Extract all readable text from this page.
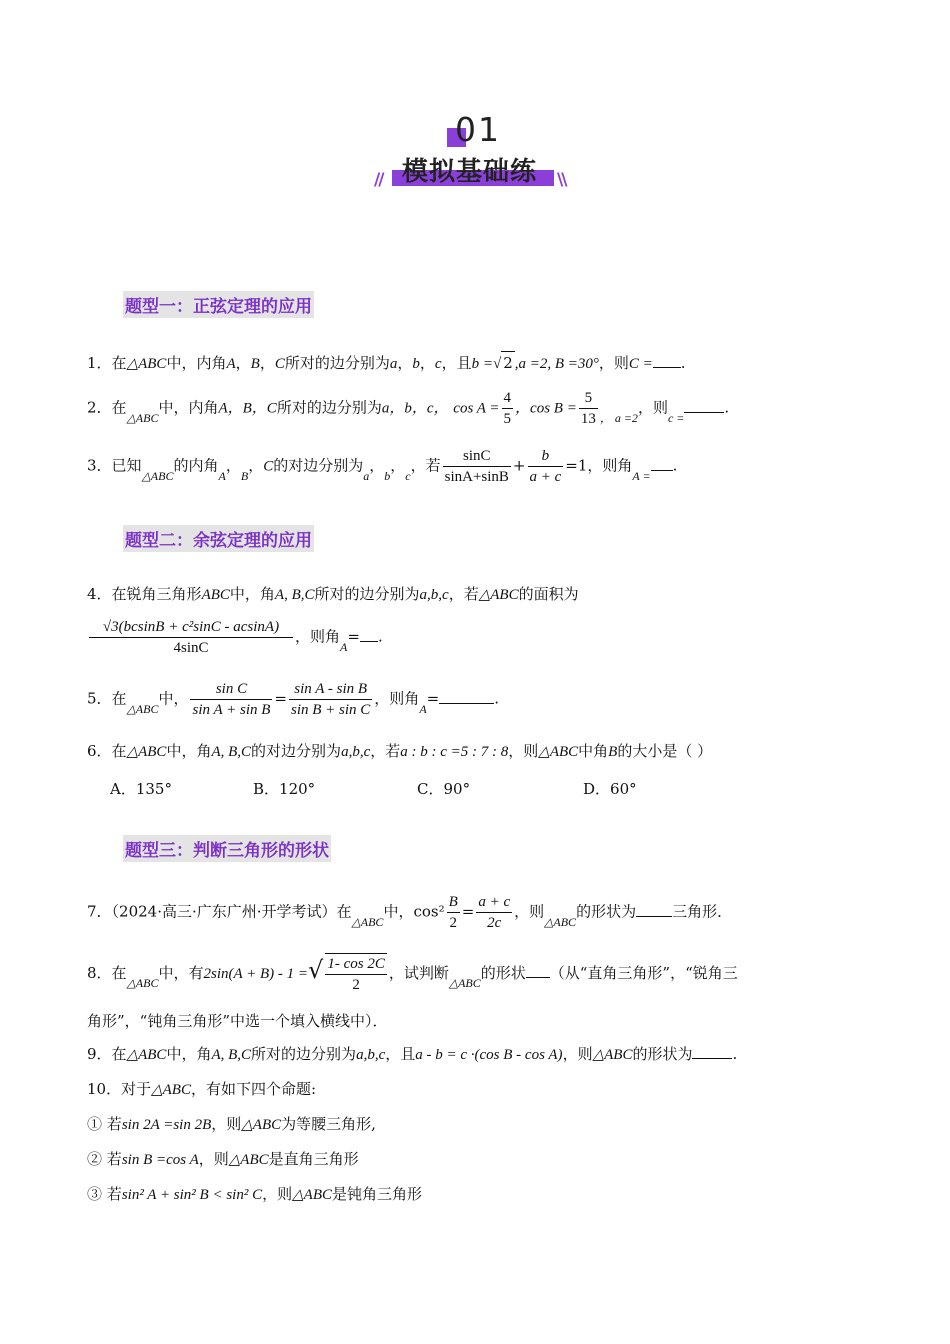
01
模拟基础练
//	\\
题型一：正弦定理的应用
1．在△ABC中，内角A，B，C所对的边分别为a，b，c，且b =√ 2 ,a =2, B =30°，则C = .
2．在$_{\triangle ABC}$中，内角A，B，C所对的边分别为a，b，c， $\cos A = \frac{4}{5}$ ，$\cos B = \frac{5}{13} _{, a =2}$，则$_{c =}$.
3．已知$_{\triangle ABC}$的内角$_A$，$_B$，C的对边分别为$_a$，$_b$，$_c$，若 $\frac{\sin C}{\sin A+\sin B} + \frac{b}{a + c} =1$，则角$_{A =}$.
题型二：余弦定理的应用
4．在锐角三角形ABC中，角A, B,C所对的边分别为a,b,c，若△ABC的面积为
$\frac{\text{√3(bcsinB + c²sinC - acsinA)}}{4\sin C}$ ，则角$_A$= .
5．在$_{\triangle ABC}$中， $\frac{\text{sin C}}{\text{sin A + sin B}} = \frac{\text{sin A - sin B}}{\text{sin B + sin C}}$ ，则角$_A$=	.
6．在△ABC中，角A, B,C的对边分别为a,b,c，若a : b : c =5 : 7 : 8，则△ABC中角B的大小是（ ）
A．135°	B．120°	C．90°	D．60°
题型三：判断三角形的形状
7．（2024·高三·广东广州·开学考试）在$_{\triangle ABC}$中，$\cos^2 \frac{B}{2} = \frac{a + c}{2c}$ ，则$_{\triangle ABC}$的形状为 三角形．
8．在$_{\triangle ABC}$中，有2sin(A + B) - 1 =√ $\frac{1- \cos 2C}{2}$ ，试判断$_{\triangle ABC}$的形状 （从“直角三角形”，“锐角三
角形”，“钝角三角形”中选一个填入横线中）．
9．在△ABC中，角A, B,C所对的边分别为a,b,c，且a - b = c ·(cos B - cos A)，则△ABC的形状为	.
10．对于△ABC，有如下四个命题:
① 若sin 2A =sin 2B，则△ABC为等腰三角形,
② 若sin B =cos A，则△ABC是直角三角形
③ 若sin² A + sin² B < sin² C，则△ABC是钝角三角形
